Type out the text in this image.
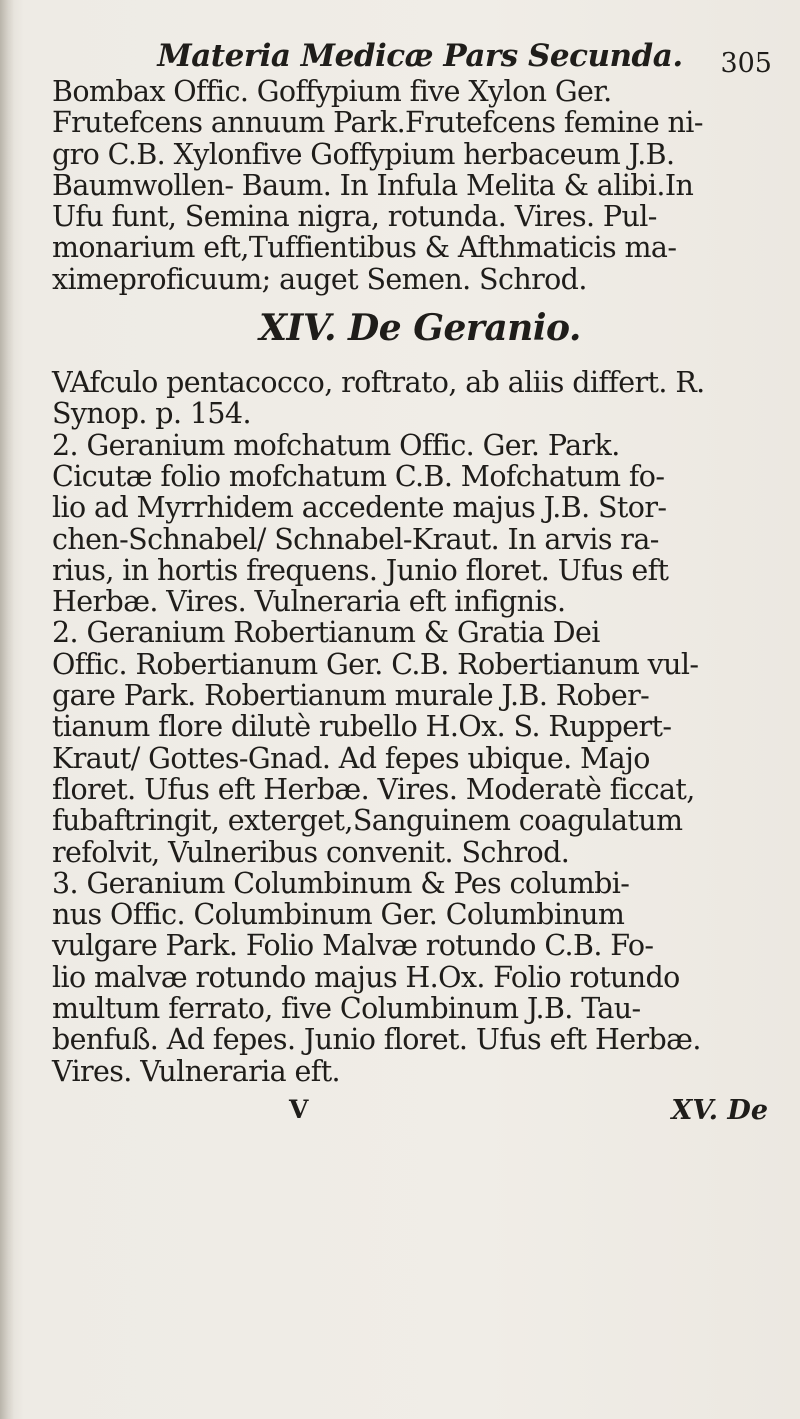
Materia Medicæ Pars Secunda.	305
Bombax Offic. Goffypium five Xylon Ger.
Frutefcens annuum Park.Frutefcens femine ni-
gro C.B. Xylonfive Goffypium herbaceum J.B.
Baumwollen- Baum. In Infula Melita & alibi.In
Ufu funt, Semina nigra, rotunda. Vires. Pul-
monarium eft,Tuffientibus & Afthmaticis ma-
ximeproficuum; auget Semen. Schrod.
XIV. De Geranio.
VAfculo pentacocco, roftrato, ab aliis differt. R.
Synop. p. 154.
2. Geranium mofchatum Offic. Ger. Park.
Cicutæ folio mofchatum C.B. Mofchatum fo-
lio ad Myrrhidem accedente majus J.B. Stor-
chen-Schnabel/ Schnabel-Kraut. In arvis ra-
rius, in hortis frequens. Junio floret. Ufus eft
Herbæ. Vires. Vulneraria eft infignis.
2. Geranium Robertianum & Gratia Dei
Offic. Robertianum Ger. C.B. Robertianum vul-
gare Park. Robertianum murale J.B. Rober-
tianum flore dilutè rubello H.Ox. S. Ruppert-
Kraut/ Gottes-Gnad. Ad fepes ubique. Majo
floret. Ufus eft Herbæ. Vires. Moderatè ficcat,
fubaftringit, exterget,Sanguinem coagulatum
refolvit, Vulneribus convenit. Schrod.
3. Geranium Columbinum & Pes columbi-
nus Offic. Columbinum Ger. Columbinum
vulgare Park. Folio Malvæ rotundo C.B. Fo-
lio malvæ rotundo majus H.Ox. Folio rotundo
multum ferrato, five Columbinum J.B. Tau-
benfuß. Ad fepes. Junio floret. Ufus eft Herbæ.
Vires. Vulneraria eft.
V	XV. De
